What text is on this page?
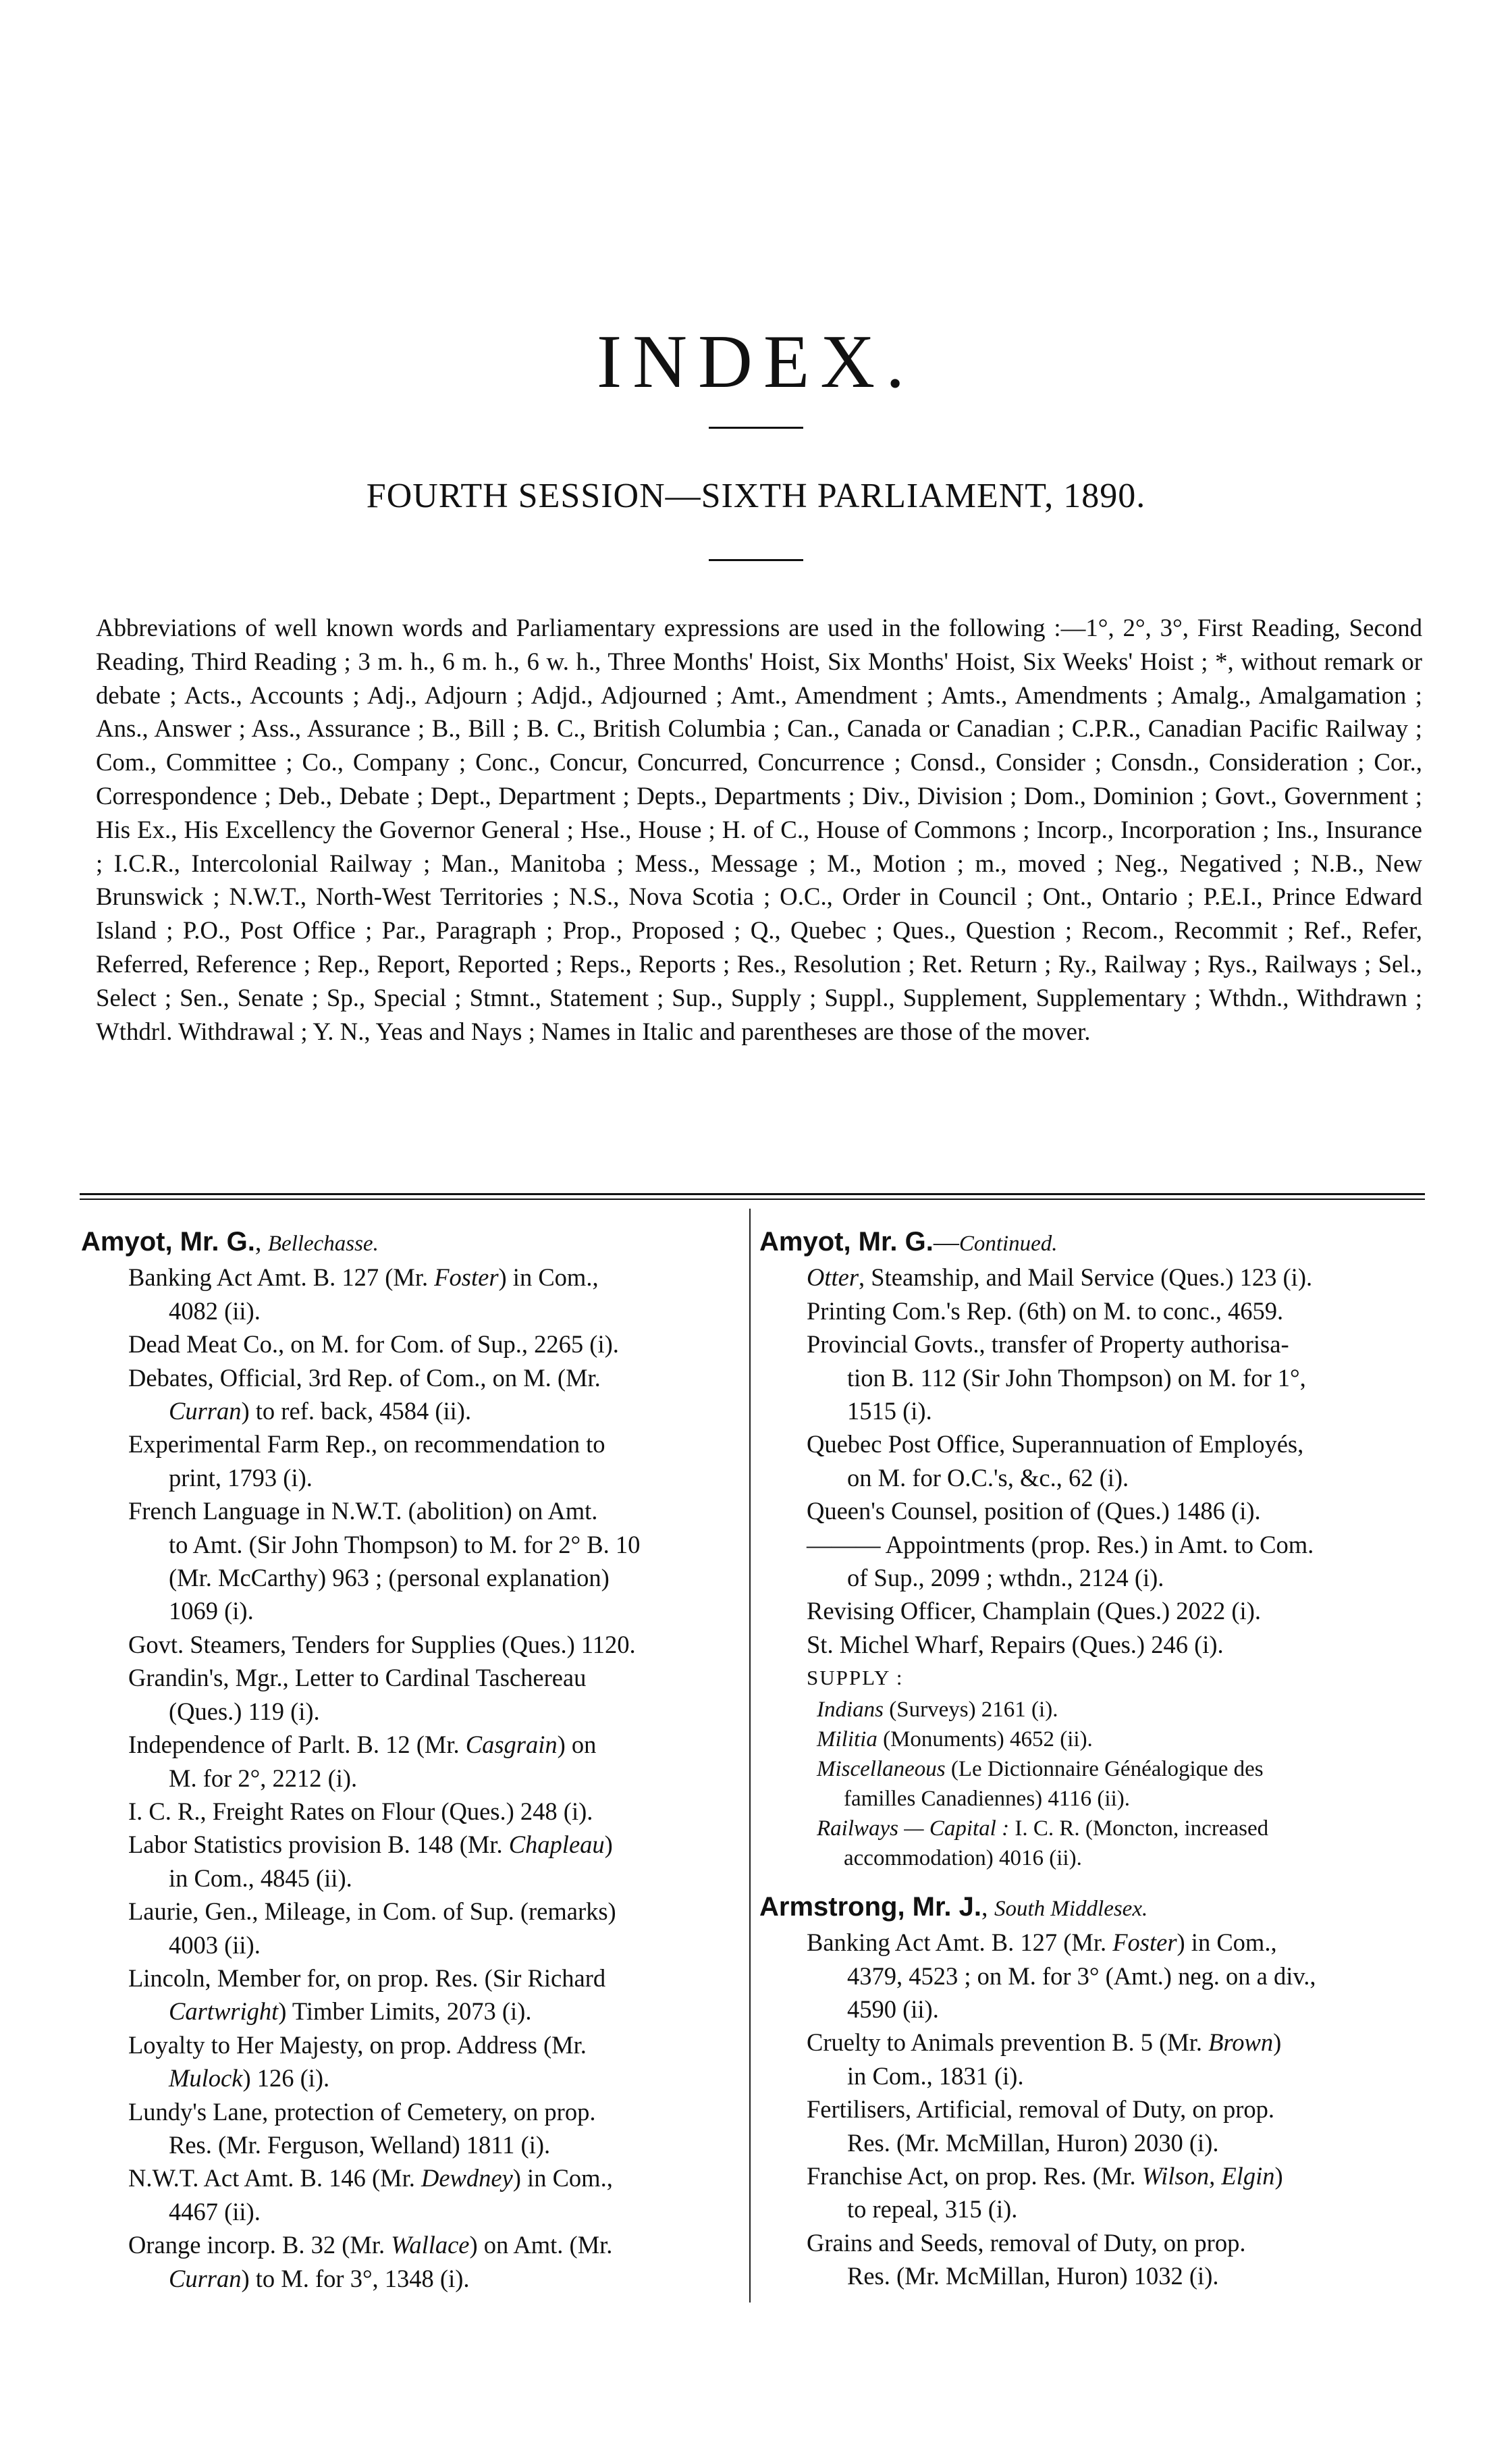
INDEX.
FOURTH SESSION—SIXTH PARLIAMENT, 1890.
Abbreviations of well known words and Parliamentary expressions are used in the following :—1°, 2°, 3°, First Reading, Second Reading, Third Reading ; 3 m. h., 6 m. h., 6 w. h., Three Months' Hoist, Six Months' Hoist, Six Weeks' Hoist ; *, without remark or debate ; Acts., Accounts ; Adj., Adjourn ; Adjd., Adjourned ; Amt., Amendment ; Amts., Amendments ; Amalg., Amalgamation ; Ans., Answer ; Ass., Assurance ; B., Bill ; B. C., British Columbia ; Can., Canada or Canadian ; C.P.R., Canadian Pacific Railway ; Com., Committee ; Co., Company ; Conc., Concur, Concurred, Concurrence ; Consd., Consider ; Consdn., Consideration ; Cor., Correspondence ; Deb., Debate ; Dept., Department ; Depts., Departments ; Div., Division ; Dom., Dominion ; Govt., Government ; His Ex., His Excellency the Governor General ; Hse., House ; H. of C., House of Commons ; Incorp., Incorporation ; Ins., Insurance ; I.C.R., Intercolonial Railway ; Man., Manitoba ; Mess., Message ; M., Motion ; m., moved ; Neg., Negatived ; N.B., New Brunswick ; N.W.T., North-West Territories ; N.S., Nova Scotia ; O.C., Order in Council ; Ont., Ontario ; P.E.I., Prince Edward Island ; P.O., Post Office ; Par., Paragraph ; Prop., Proposed ; Q., Quebec ; Ques., Question ; Recom., Recommit ; Ref., Refer, Referred, Reference ; Rep., Report, Reported ; Reps., Reports ; Res., Resolution ; Ret. Return ; Ry., Railway ; Rys., Railways ; Sel., Select ; Sen., Senate ; Sp., Special ; Stmnt., Statement ; Sup., Supply ; Suppl., Supplement, Supplementary ; Wthdn., Withdrawn ; Wthdrl. Withdrawal ; Y. N., Yeas and Nays ; Names in Italic and parentheses are those of the mover.

Amyot, Mr. G., Bellechasse.

Banking Act Amt. B. 127 (Mr. Foster) in Com.,
4082 (ii).

Dead Meat Co., on M. for Com. of Sup., 2265 (i).

Debates, Official, 3rd Rep. of Com., on M. (Mr.
Curran) to ref. back, 4584 (ii).

Experimental Farm Rep., on recommendation to
print, 1793 (i).

French Language in N.W.T. (abolition) on Amt.
to Amt. (Sir John Thompson) to M. for 2° B. 10
(Mr. McCarthy) 963 ; (personal explanation)
1069 (i).

Govt. Steamers, Tenders for Supplies (Ques.) 1120.

Grandin's, Mgr., Letter to Cardinal Taschereau
(Ques.) 119 (i).

Independence of Parlt. B. 12 (Mr. Casgrain) on
M. for 2°, 2212 (i).

I. C. R., Freight Rates on Flour (Ques.) 248 (i).

Labor Statistics provision B. 148 (Mr. Chapleau)
in Com., 4845 (ii).

Laurie, Gen., Mileage, in Com. of Sup. (remarks)
4003 (ii).

Lincoln, Member for, on prop. Res. (Sir Richard
Cartwright) Timber Limits, 2073 (i).

Loyalty to Her Majesty, on prop. Address (Mr.
Mulock) 126 (i).

Lundy's Lane, protection of Cemetery, on prop.
Res. (Mr. Ferguson, Welland) 1811 (i).

N.W.T. Act Amt. B. 146 (Mr. Dewdney) in Com.,
4467 (ii).

Orange incorp. B. 32 (Mr. Wallace) on Amt. (Mr.
Curran) to M. for 3°, 1348 (i).

Amyot, Mr. G.—Continued.

Otter, Steamship, and Mail Service (Ques.) 123 (i).

Printing Com.'s Rep. (6th) on M. to conc., 4659.

Provincial Govts., transfer of Property authorisa-
tion B. 112 (Sir John Thompson) on M. for 1°,
1515 (i).

Quebec Post Office, Superannuation of Employés,
on M. for O.C.'s, &c., 62 (i).

Queen's Counsel, position of (Ques.) 1486 (i).

——— Appointments (prop. Res.) in Amt. to Com.
of Sup., 2099 ; wthdn., 2124 (i).

Revising Officer, Champlain (Ques.) 2022 (i).

St. Michel Wharf, Repairs (Ques.) 246 (i).

SUPPLY :

Indians (Surveys) 2161 (i).

Militia (Monuments) 4652 (ii).

Miscellaneous (Le Dictionnaire Généalogique des
familles Canadiennes) 4116 (ii).

Railways — Capital : I. C. R. (Moncton, increased
accommodation) 4016 (ii).

Armstrong, Mr. J., South Middlesex.

Banking Act Amt. B. 127 (Mr. Foster) in Com.,
4379, 4523 ; on M. for 3° (Amt.) neg. on a div.,
4590 (ii).

Cruelty to Animals prevention B. 5 (Mr. Brown)
in Com., 1831 (i).

Fertilisers, Artificial, removal of Duty, on prop.
Res. (Mr. McMillan, Huron) 2030 (i).

Franchise Act, on prop. Res. (Mr. Wilson, Elgin)
to repeal, 315 (i).

Grains and Seeds, removal of Duty, on prop.
Res. (Mr. McMillan, Huron) 1032 (i).
